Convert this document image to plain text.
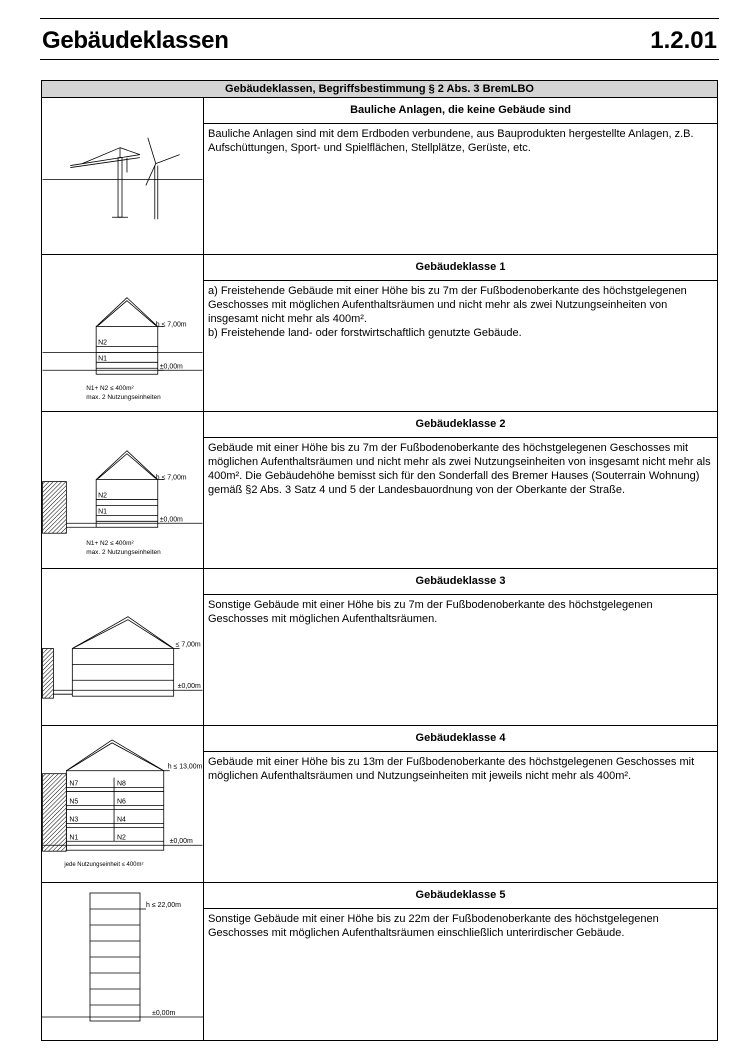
Gebäudeklassen	1.2.01
Gebäudeklassen, Begriffsbestimmung § 2 Abs. 3 BremLBO
Bauliche Anlagen, die keine Gebäude sind

Bauliche Anlagen sind mit dem Erdboden verbundene, aus Bauprodukten hergestellte Anlagen, z.B. Aufschüttungen, Sport- und Spielflächen, Stellplätze, Gerüste, etc.

N2
N1
h ≤ 7,00m
±0,00m
N1+ N2 ≤ 400m²
max. 2 Nutzungseinheiten
Gebäudeklasse 1

a) Freistehende Gebäude mit einer Höhe bis zu 7m der Fußbodenoberkante des höchstgelegenen Geschosses mit möglichen Aufenthaltsräumen und nicht mehr als zwei Nutzungseinheiten von insgesamt nicht mehr als 400m².

b) Freistehende land- oder forstwirtschaftlich genutzte Gebäude.

N2
N1
h ≤ 7,00m
±0,00m
N1+ N2 ≤ 400m²
max. 2 Nutzungseinheiten
Gebäudeklasse 2

Gebäude mit einer Höhe bis zu 7m der Fußbodenoberkante des höchstgelegenen Geschosses mit möglichen Aufenthaltsräumen und nicht mehr als zwei Nutzungseinheiten von insgesamt nicht mehr als 400m². Die Gebäudehöhe bemisst sich für den Sonderfall des Bremer Hauses (Souterrain Wohnung) gemäß §2 Abs. 3 Satz 4 und 5 der Landesbauordnung von der Oberkante der Straße.

≤ 7,00m
±0,00m
Gebäudeklasse 3

Sonstige Gebäude mit einer Höhe bis zu 7m der Fußbodenoberkante des höchstgelegenen Geschosses mit möglichen Aufenthaltsräumen.

N7	N8
N5	N6
N3	N4
N1	N2
h ≤ 13,00m
±0,00m
jede Nutzungseinheit ≤ 400m²
Gebäudeklasse 4

Gebäude mit einer Höhe bis zu 13m der Fußbodenoberkante des höchstgelegenen Geschosses mit möglichen Aufenthaltsräumen und Nutzungseinheiten mit jeweils nicht mehr als 400m².

h ≤ 22,00m
±0,00m
Gebäudeklasse 5

Sonstige Gebäude mit einer Höhe bis zu 22m der Fußbodenoberkante des höchstgelegenen Geschosses mit möglichen Aufenthaltsräumen einschließlich unterirdischer Gebäude.
